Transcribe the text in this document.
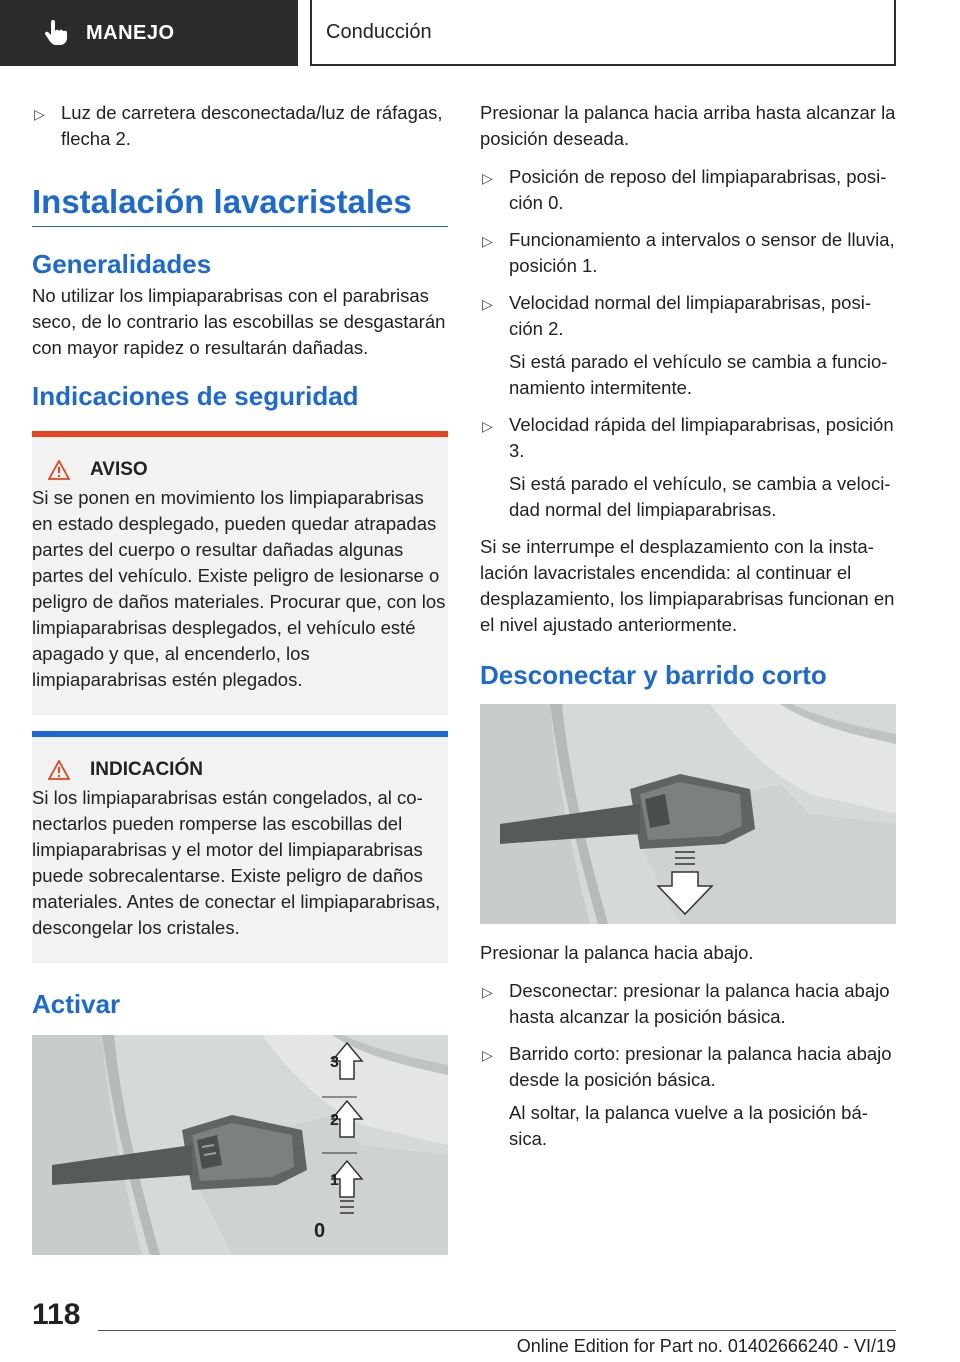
MANEJO	Conducción
▷ Luz de carretera desconectada/luz de ráfagas, flecha 2.
Instalación lavacristales
Generalidades

No utilizar los limpiaparabrisas con el parabrisas seco, de lo contrario las escobillas se desgastarán con mayor rapidez o resultarán dañadas.

Indicaciones de seguridad
AVISO

Si se ponen en movimiento los limpiaparabrisas en estado desplegado, pueden quedar atrapadas partes del cuerpo o resultar dañadas algunas partes del vehículo. Existe peligro de lesionarse o peligro de daños materiales. Procurar que, con los limpiaparabrisas desplegados, el vehículo esté apagado y que, al encenderlo, los limpiaparabrisas estén plegados.

INDICACIÓN

Si los limpiaparabrisas están congelados, al conectarlos pueden romperse las escobillas del limpiaparabrisas y el motor del limpiaparabrisas puede sobrecalentarse. Existe peligro de daños materiales. Antes de conectar el limpiaparabrisas, descongelar los cristales.

Activar
3
2
1
0

Presionar la palanca hacia arriba hasta alcanzar la posición deseada.

▷ Posición de reposo del limpiaparabrisas, posición 0.
▷ Funcionamiento a intervalos o sensor de lluvia, posición 1.
▷ Velocidad normal del limpiaparabrisas, posición 2.
Si está parado el vehículo se cambia a funcionamiento intermitente.
▷ Velocidad rápida del limpiaparabrisas, posición 3.
Si está parado el vehículo, se cambia a velocidad normal del limpiaparabrisas.

Si se interrumpe el desplazamiento con la instalación lavacristales encendida: al continuar el desplazamiento, los limpiaparabrisas funcionan en el nivel ajustado anteriormente.

Desconectar y barrido corto

Presionar la palanca hacia abajo.

▷ Desconectar: presionar la palanca hacia abajo hasta alcanzar la posición básica.
▷ Barrido corto: presionar la palanca hacia abajo desde la posición básica.
Al soltar, la palanca vuelve a la posición básica.
118
Online Edition for Part no. 01402666240 - VI/19
